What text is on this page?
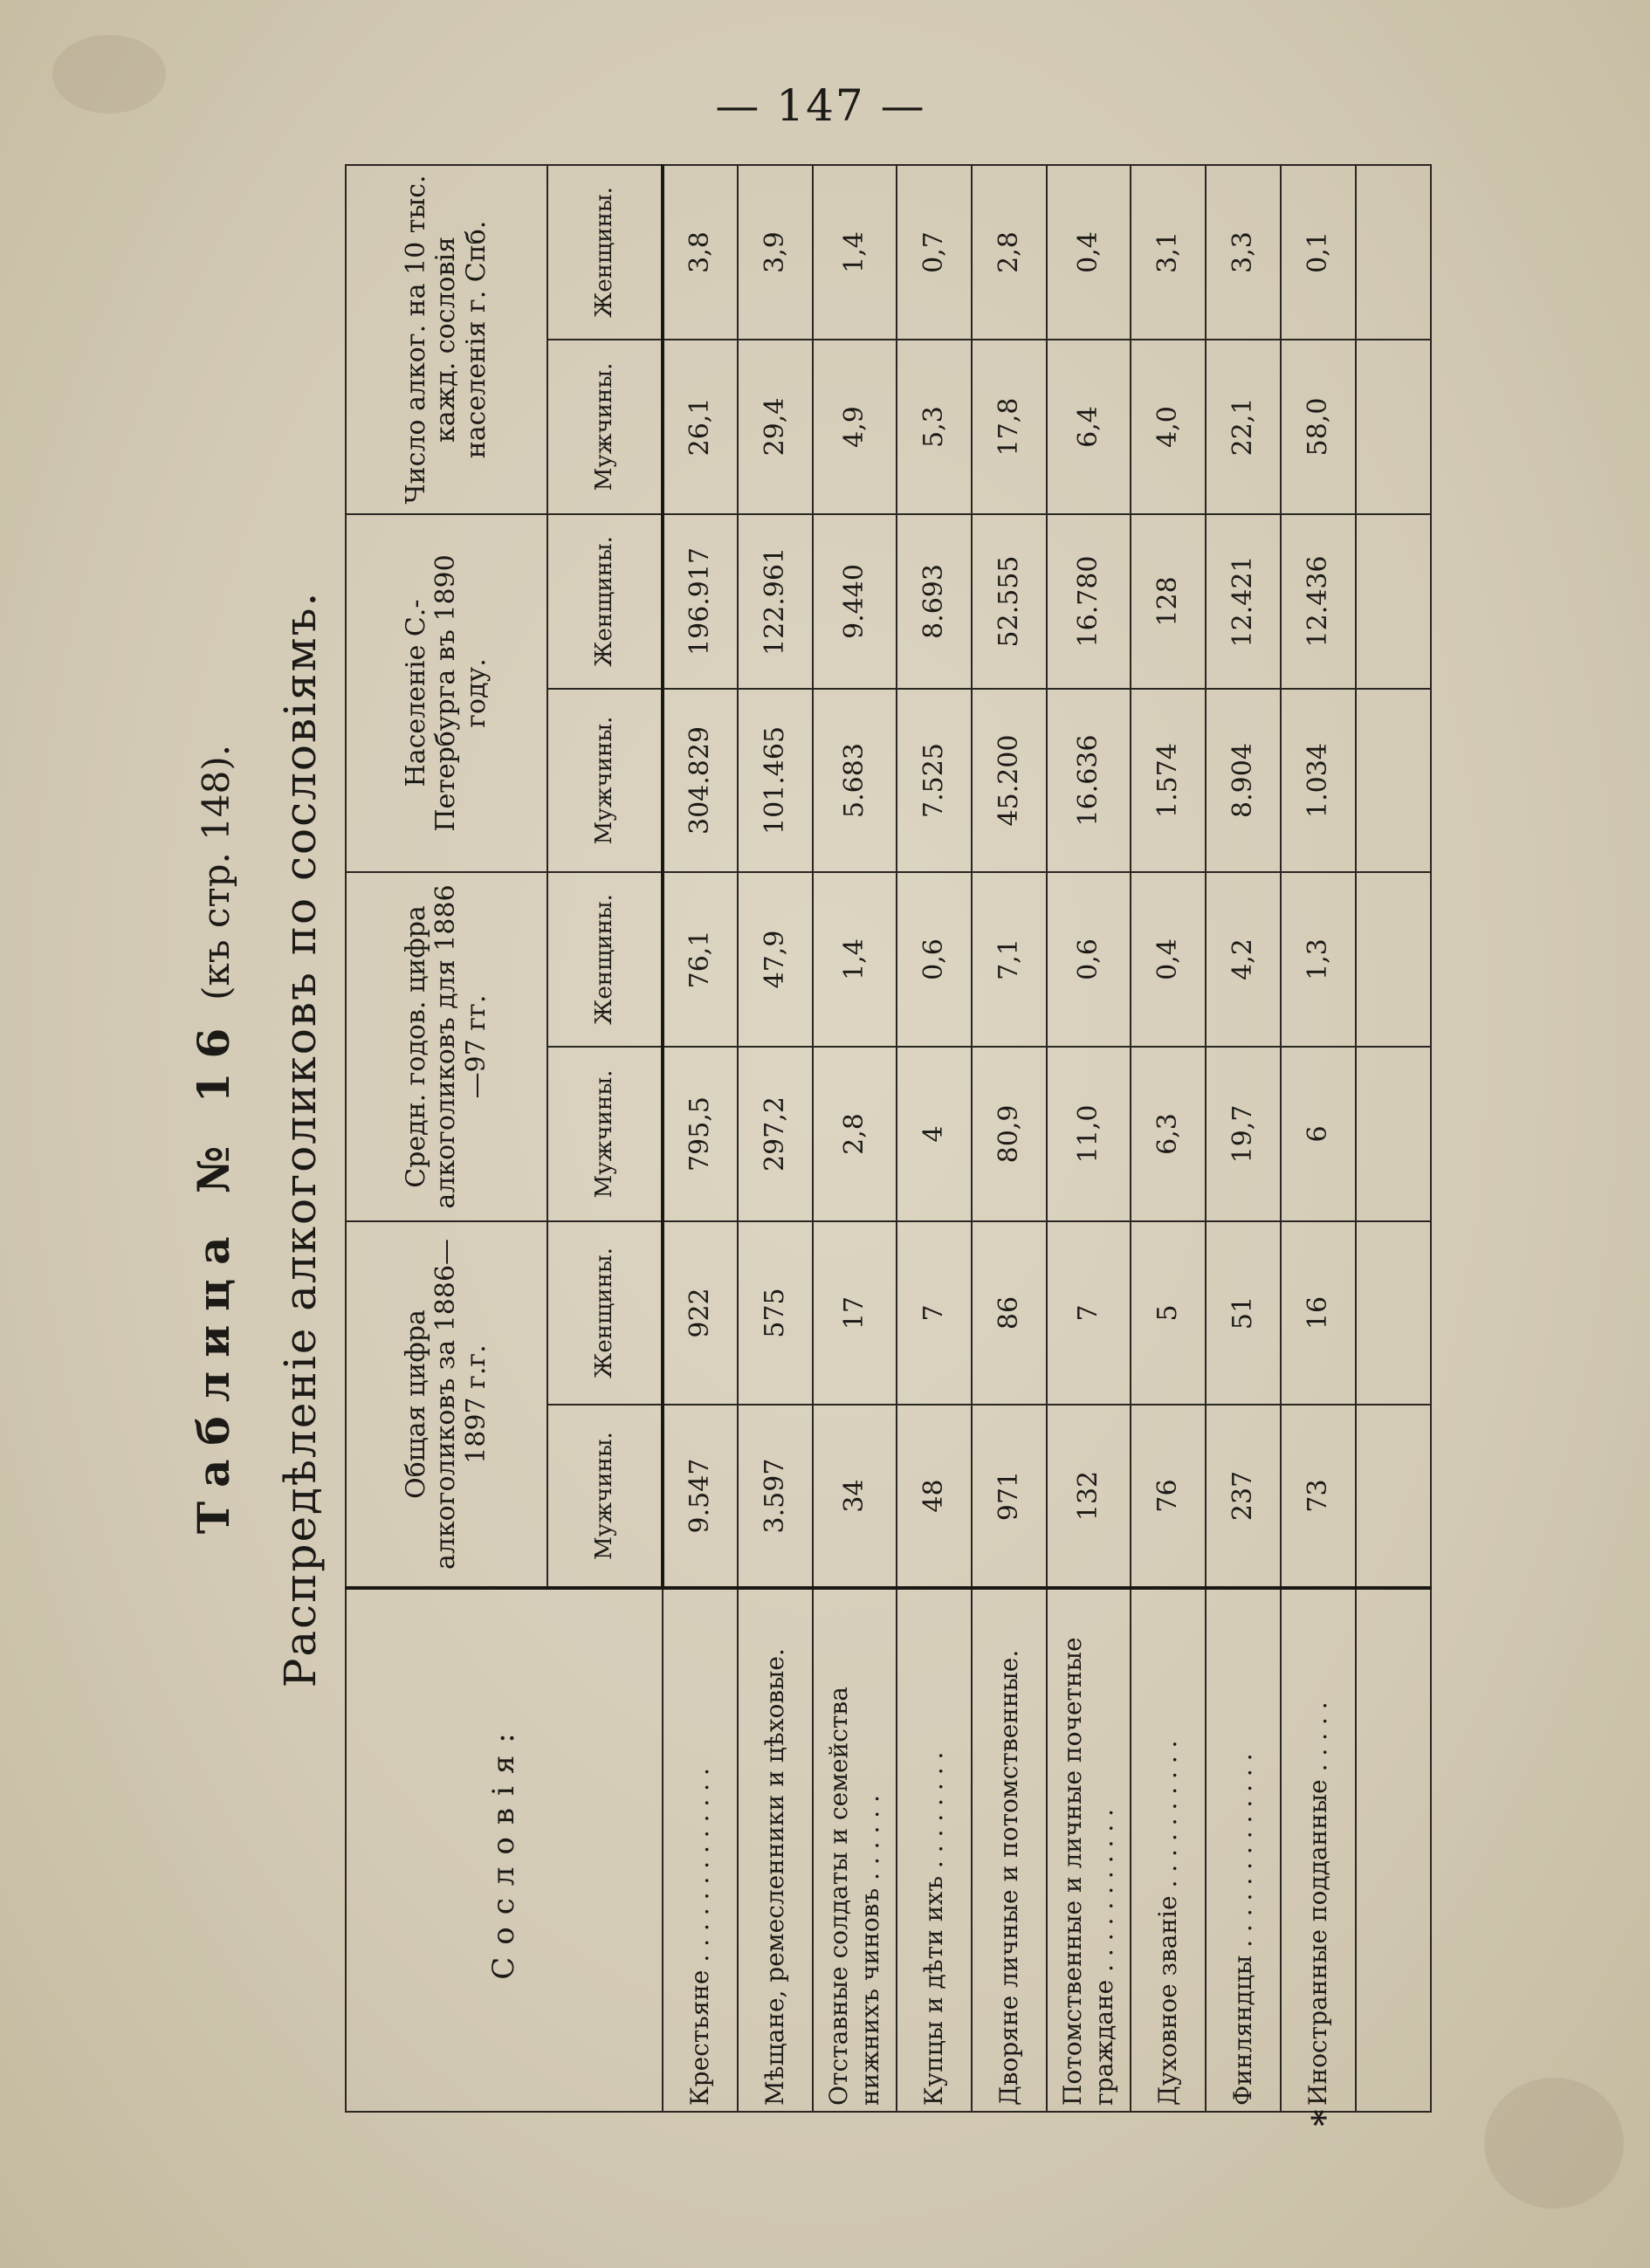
— 147 —
Таблица № 16 (къ стр. 148). Распредѣленіе алкоголиковъ по сословіямъ.
Сословія:	Общая цифра алкоголиковъ за 1886—1897 г.г.		Средн. годов. цифра алкоголиковъ для 1886—97 гг.		Населеніе С.-Петербурга въ 1890 году.		Число алког. на 10 тыс. кажд. сословія населенія г. Спб.	
	Мужчины.	Женщины.	Мужчины.	Женщины.	Мужчины.	Женщины.	Мужчины.	Женщины.
Крестьяне . . . . . . . . . . . . .	9.547	922	795,5	76,1	304.829	196.917	26,1	3,8
Мѣщане, ремесленники и цѣховые.	3.597	575	297,2	47,9	101.465	122.961	29,4	3,9
Отставные солдаты и семейства нижнихъ чиновъ . . . . . .	34	17	2,8	1,4	5.683	9.440	4,9	1,4
Купцы и дѣти ихъ . . . . . . . .	48	7	4	0,6	7.525	8.693	5,3	0,7
Дворяне личные и потомственные.	971	86	80,9	7,1	45.200	52.555	17,8	2,8
Потомственные и личные почетные граждане . . . . . . . . . . .	132	7	11,0	0,6	16.636	16.780	6,4	0,4
Духовное званіе . . . . . . . . . .	76	5	6,3	0,4	1.574	128	4,0	3,1
Финляндцы . . . . . . . . . . . . .	237	51	19,7	4,2	8.904	12.421	22,1	3,3

*
Иностранные подданные . . . . .	73	16	6	1,3	1.034	12.436	58,0	0,1
